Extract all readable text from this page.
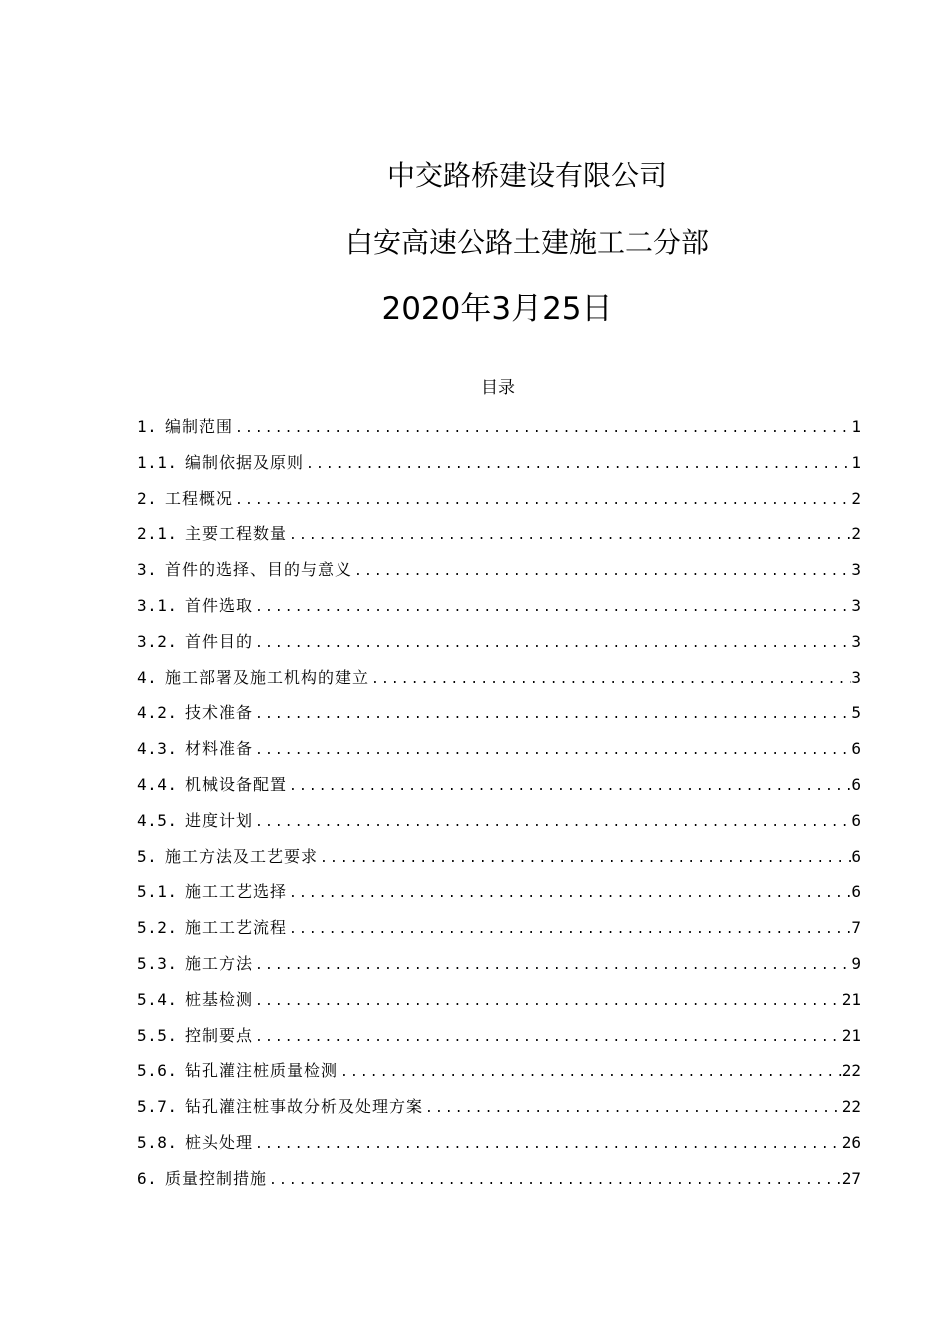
中交路桥建设有限公司
白安高速公路土建施工二分部
2020年3月25日
目录
1. 编制范围 .....	1
1.1. 编制依据及原则 .....	1
2. 工程概况 .....	2
2.1. 主要工程数量 .....	2
3. 首件的选择、目的与意义 .....	3
3.1. 首件选取 .....	3
3.2. 首件目的 .....	3
4. 施工部署及施工机构的建立 .....	3
4.2. 技术准备 .....	5
4.3. 材料准备 .....	6
4.4. 机械设备配置 .....	6
4.5. 进度计划 .....	6
5. 施工方法及工艺要求 .....	6
5.1. 施工工艺选择 .....	6
5.2. 施工工艺流程 .....	7
5.3. 施工方法 .....	9
5.4. 桩基检测 .....	21
5.5. 控制要点 .....	21
5.6. 钻孔灌注桩质量检测 .....	22
5.7. 钻孔灌注桩事故分析及处理方案 .....	22
5.8. 桩头处理 .....	26
6. 质量控制措施 .....	27
